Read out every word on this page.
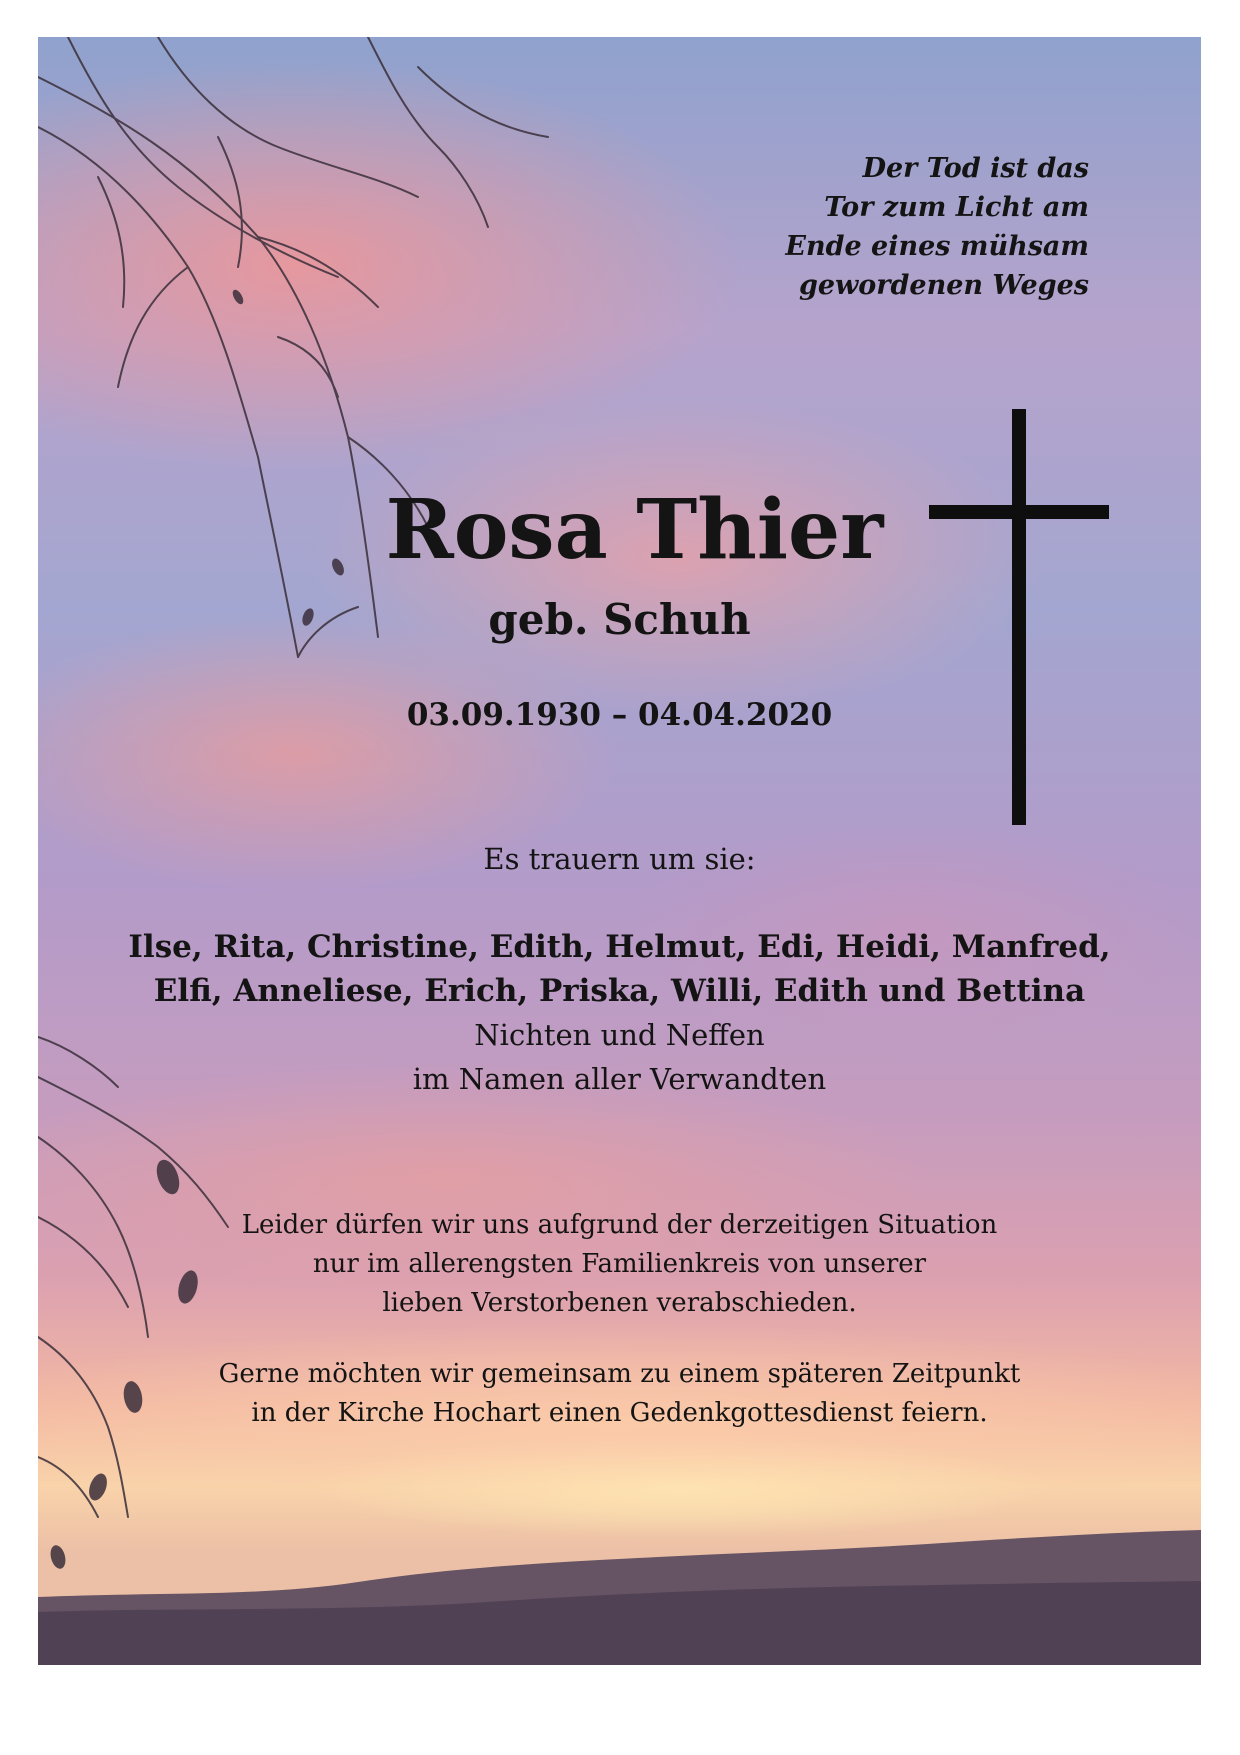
Der Tod ist das
Tor zum Licht am
Ende eines mühsam
gewordenen Weges
Rosa Thier
geb. Schuh
03.09.1930 – 04.04.2020
Es trauern um sie:
Ilse, Rita, Christine, Edith, Helmut, Edi, Heidi, Manfred,
Elfi, Anneliese, Erich, Priska, Willi, Edith und Bettina
Nichten und Neffen
im Namen aller Verwandten
Leider dürfen wir uns aufgrund der derzeitigen Situation
nur im allerengsten Familienkreis von unserer
lieben Verstorbenen verabschieden.
Gerne möchten wir gemeinsam zu einem späteren Zeitpunkt
in der Kirche Hochart einen Gedenkgottesdienst feiern.
